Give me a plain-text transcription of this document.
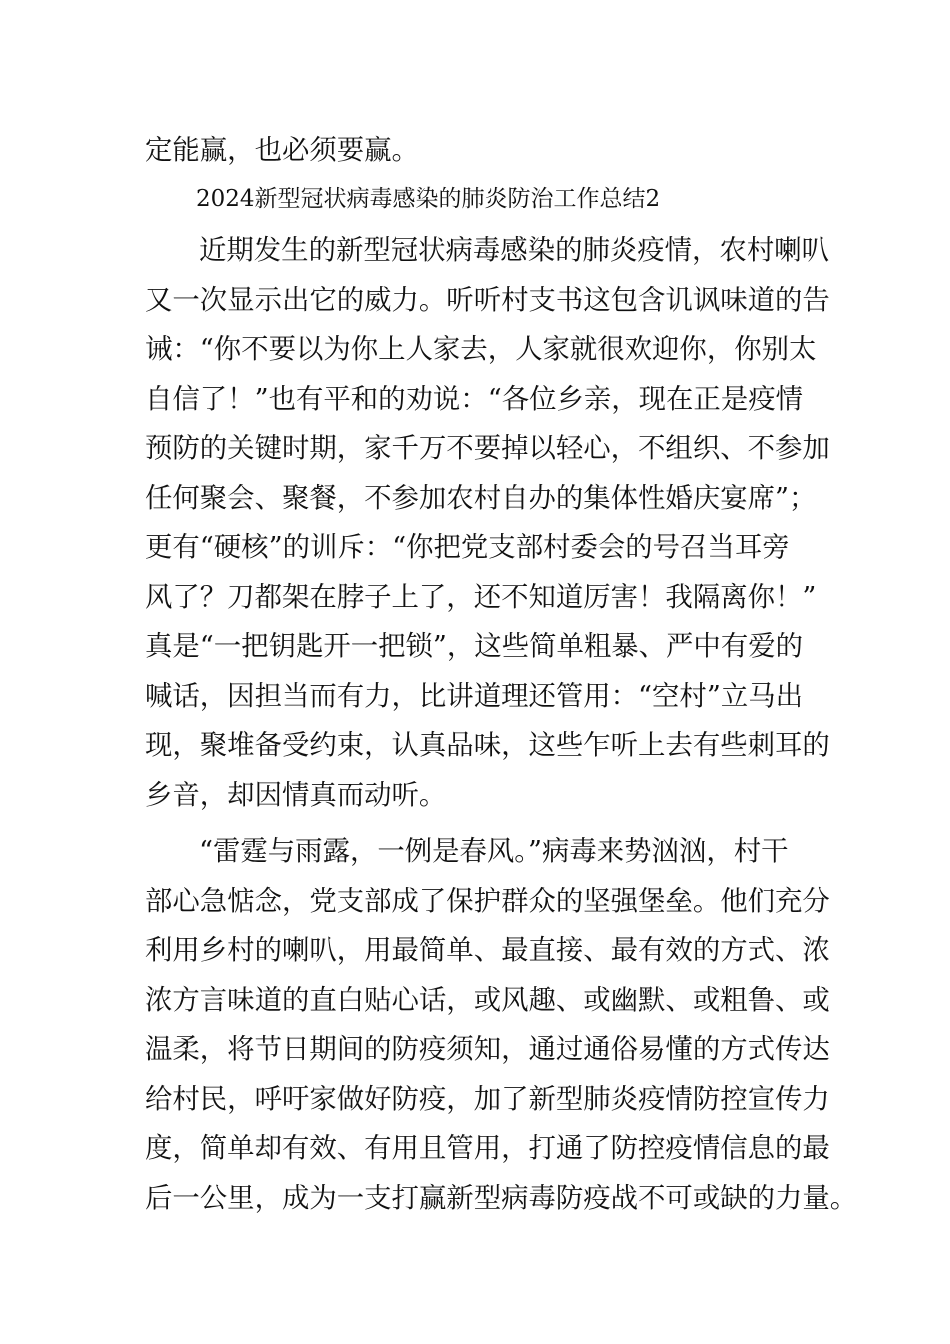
定能赢，也必须要赢。
2024新型冠状病毒感染的肺炎防治工作总结2
近期发生的新型冠状病毒感染的肺炎疫情，农村喇叭
又一次显示出它的威力。听听村支书这包含讥讽味道的告
诫：“你不要以为你上人家去，人家就很欢迎你，你别太
自信了！”也有平和的劝说：“各位乡亲，现在正是疫情
预防的关键时期，家千万不要掉以轻心，不组织、不参加
任何聚会、聚餐，不参加农村自办的集体性婚庆宴席”；
更有“硬核”的训斥：“你把党支部村委会的号召当耳旁
风了？刀都架在脖子上了，还不知道厉害！我隔离你！”
真是“一把钥匙开一把锁”，这些简单粗暴、严中有爱的
喊话，因担当而有力，比讲道理还管用：“空村”立马出
现，聚堆备受约束，认真品味，这些乍听上去有些刺耳的
乡音，却因情真而动听。
“雷霆与雨露，一例是春风。”病毒来势汹汹，村干
部心急惦念，党支部成了保护群众的坚强堡垒。他们充分
利用乡村的喇叭，用最简单、最直接、最有效的方式、浓
浓方言味道的直白贴心话，或风趣、或幽默、或粗鲁、或
温柔，将节日期间的防疫须知，通过通俗易懂的方式传达
给村民，呼吁家做好防疫，加了新型肺炎疫情防控宣传力
度，简单却有效、有用且管用，打通了防控疫情信息的最
后一公里，成为一支打赢新型病毒防疫战不可或缺的力量。
